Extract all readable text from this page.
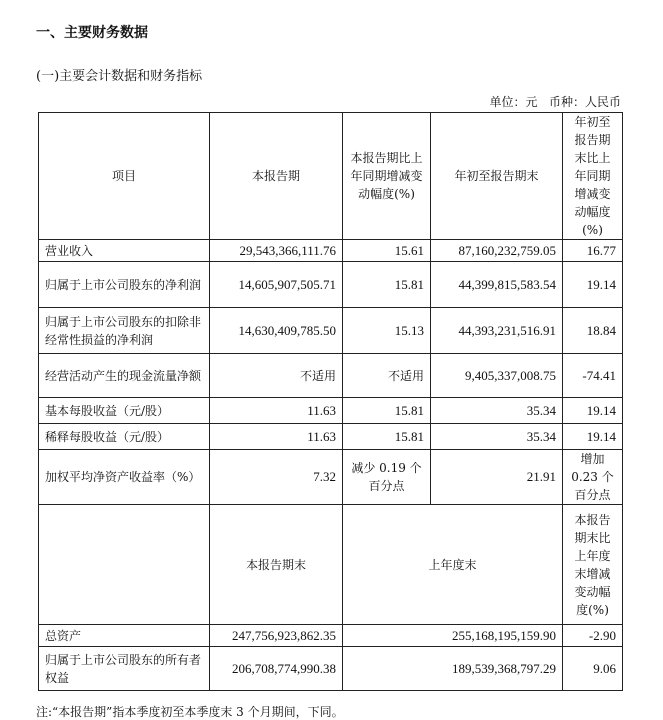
一、主要财务数据
(一)主要会计数据和财务指标
单位：元   币种：人民币
项目	本报告期	本报告期比上年同期增减变动幅度(%)	年初至报告期末	年初至报告期末比上年同期增减变动幅度(%)
营业收入	29,543,366,111.76	15.61	87,160,232,759.05	16.77
归属于上市公司股东的净利润	14,605,907,505.71	15.81	44,399,815,583.54	19.14
归属于上市公司股东的扣除非经常性损益的净利润	14,630,409,785.50	15.13	44,393,231,516.91	18.84
经营活动产生的现金流量净额	不适用	不适用	9,405,337,008.75	-74.41
基本每股收益（元/股）	11.63	15.81	35.34	19.14
稀释每股收益（元/股）	11.63	15.81	35.34	19.14
加权平均净资产收益率（%）	7.32	减少 0.19 个百分点	21.91	增加 0.23 个百分点
	本报告期末	上年度末		本报告期末比上年度末增减变动幅度(%)
总资产	247,756,923,862.35	255,168,195,159.90		-2.90
归属于上市公司股东的所有者权益	206,708,774,990.38	189,539,368,797.29		9.06
注:“本报告期”指本季度初至本季度末 3 个月期间，下同。
